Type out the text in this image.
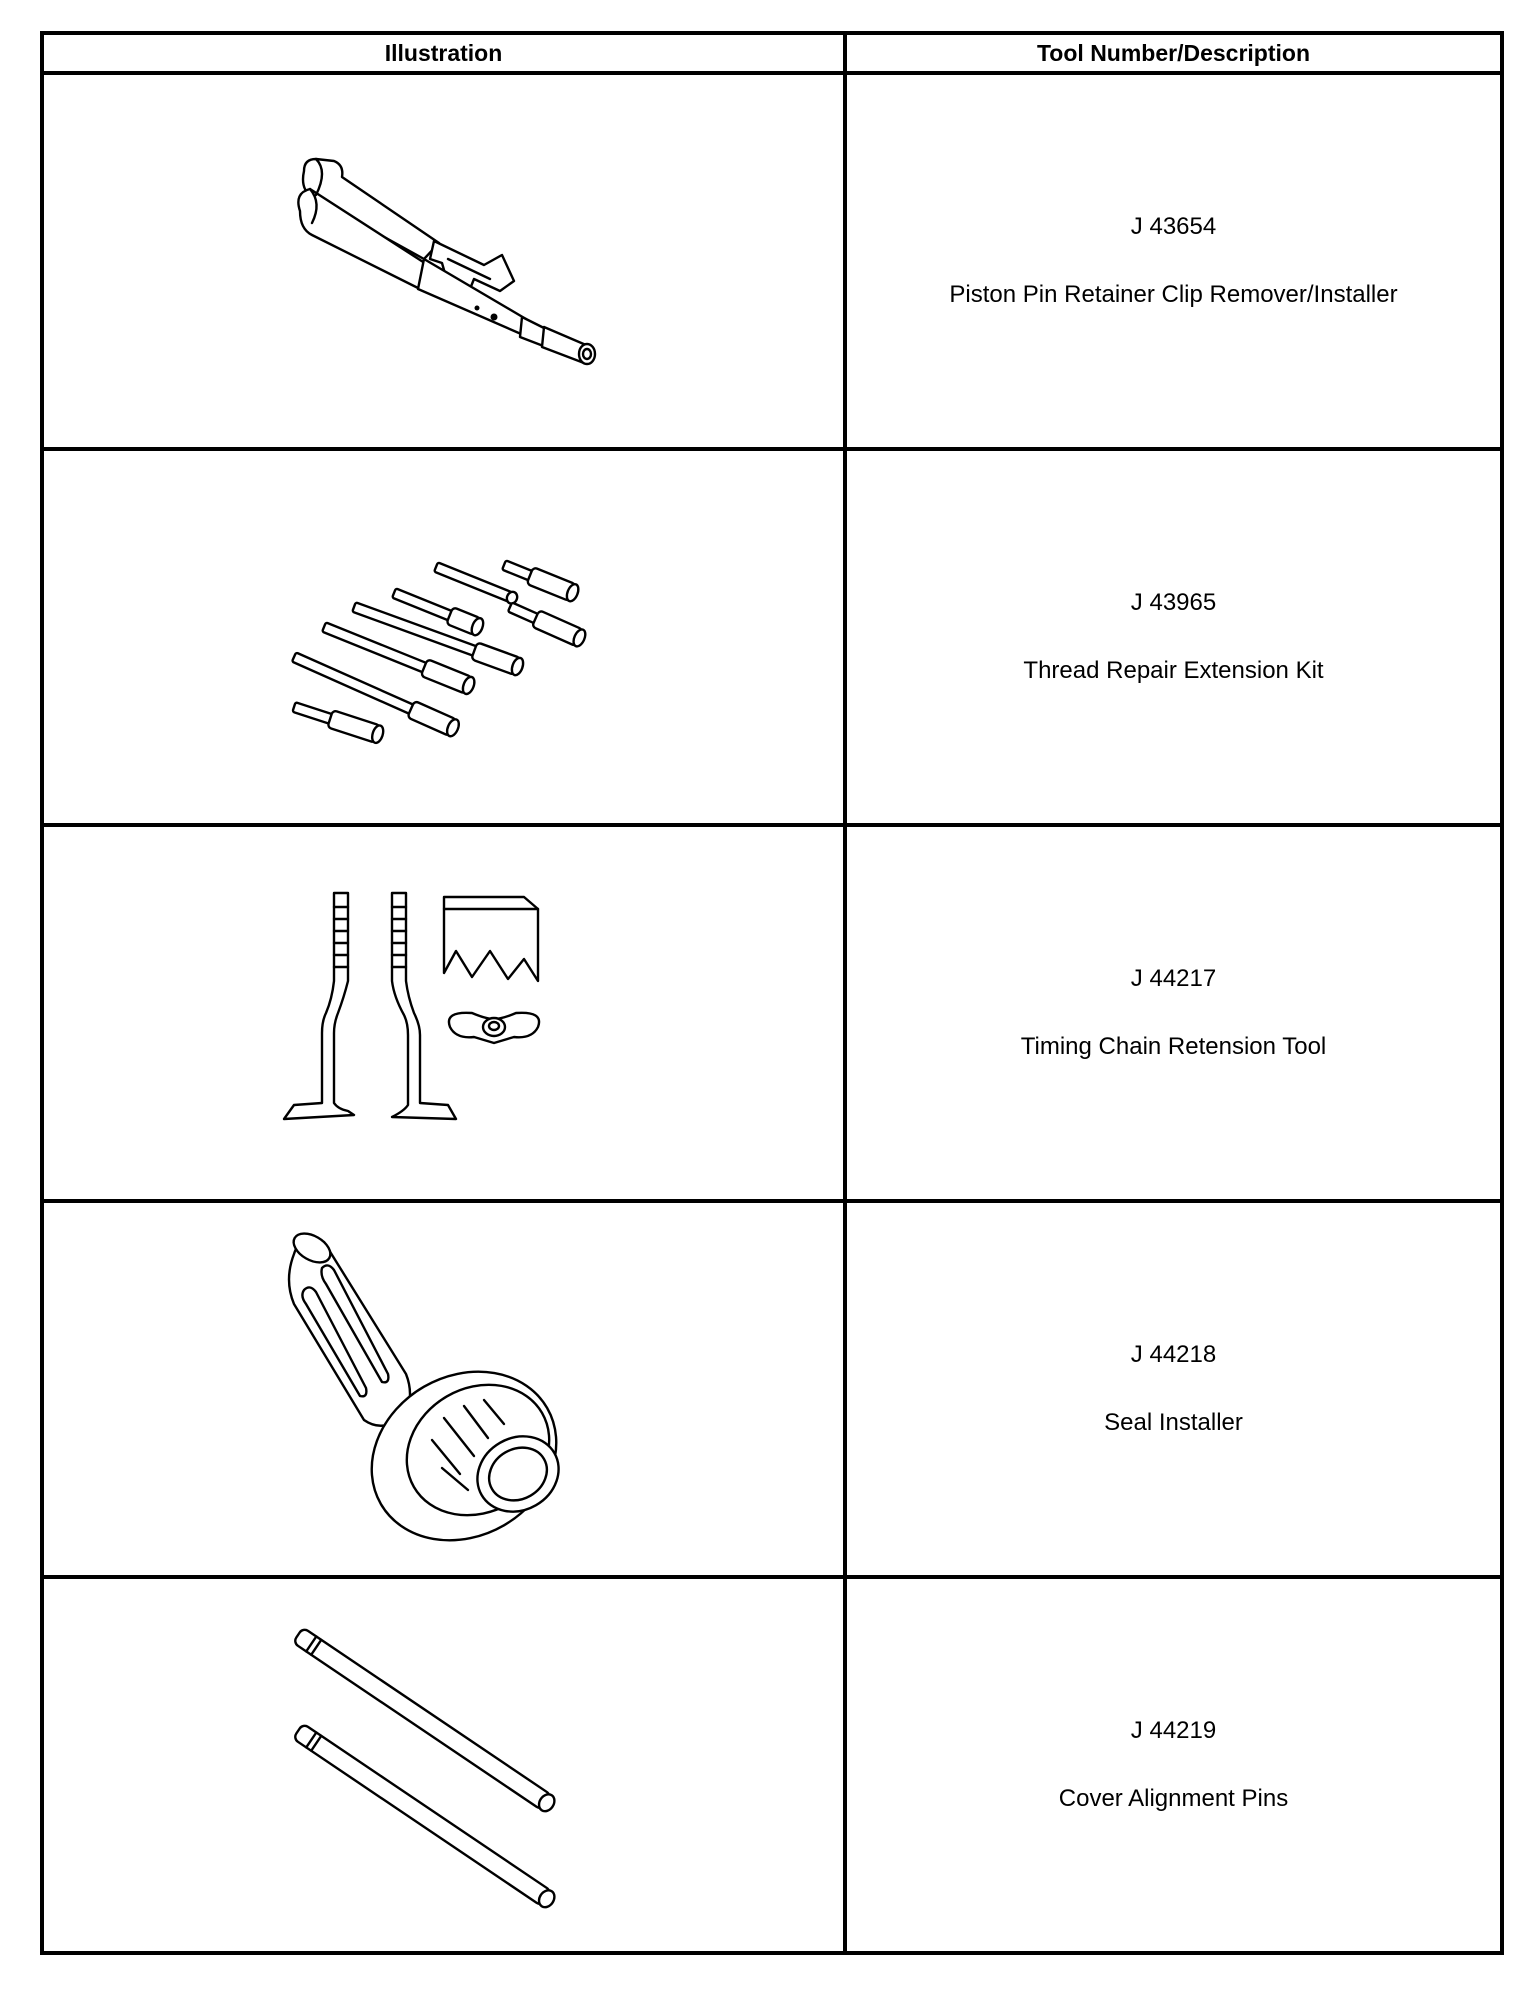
Illustration	Tool Number/Description

J 43654
Piston Pin Retainer Clip Remover/Installer

J 43965
Thread Repair Extension Kit

J 44217
Timing Chain Retension Tool

J 44218
Seal Installer

J 44219
Cover Alignment Pins
